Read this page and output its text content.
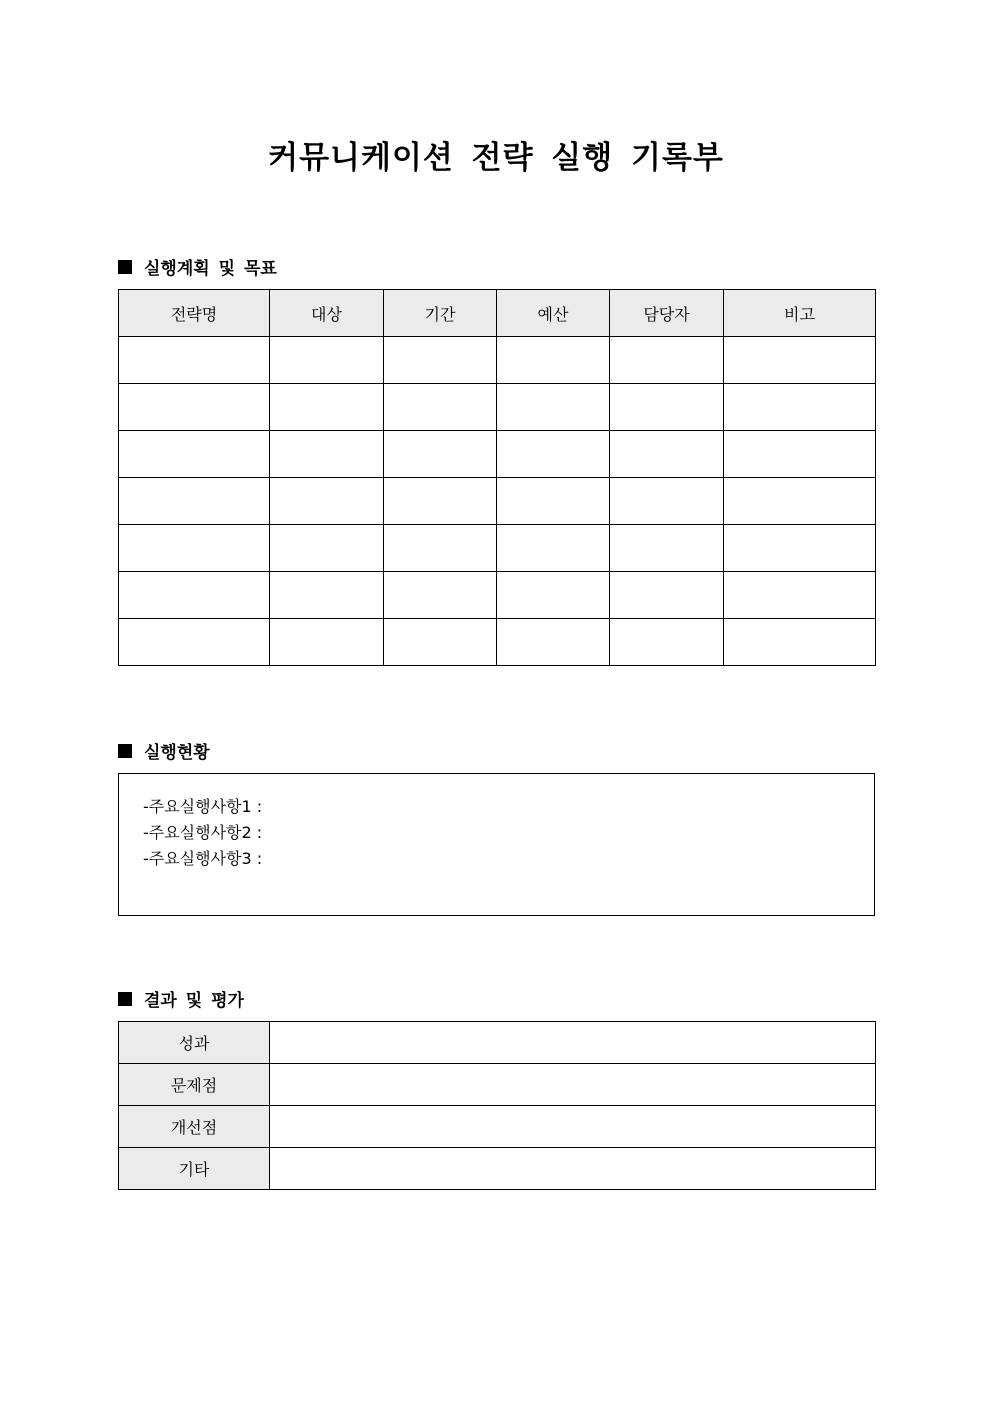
커뮤니케이션 전략 실행 기록부
실행계획 및 목표
전략명	대상	기간	예산	담당자	비고

실행현황
-주요실행사항1 :
-주요실행사항2 :
-주요실행사항3 :
결과 및 평가
성과	
문제점	
개선점	
기타	
